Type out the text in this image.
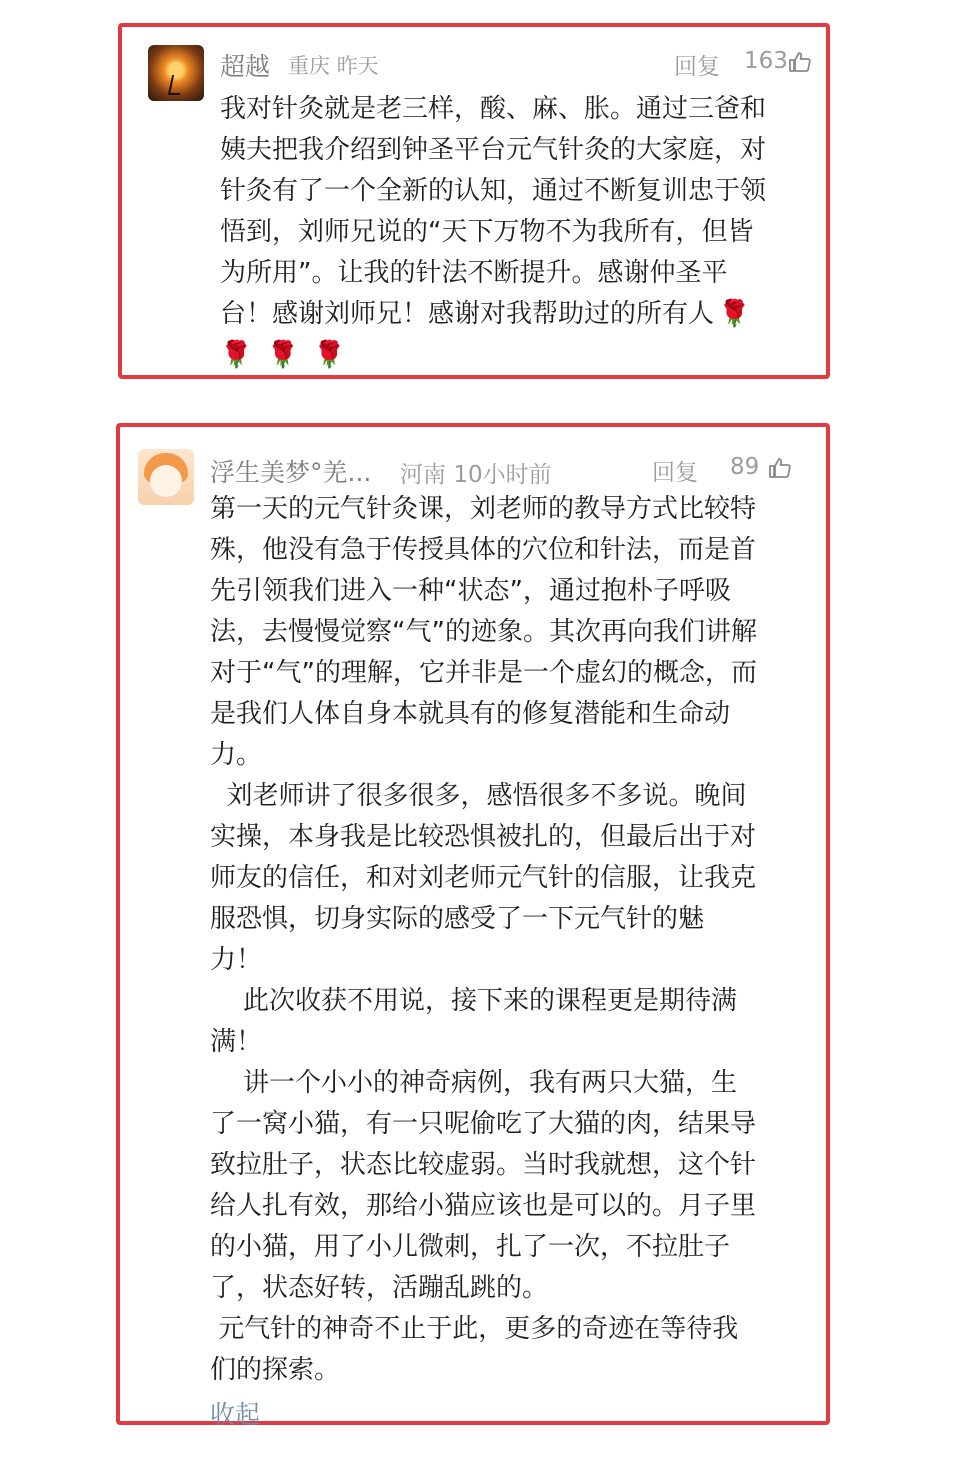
超越 重庆 昨天	回复 163
我对针灸就是老三样，酸、麻、胀。通过三爸和
姨夫把我介绍到钟圣平台元气针灸的大家庭，对
针灸有了一个全新的认知，通过不断复训忠于领
悟到，刘师兄说的“天下万物不为我所有，但皆
为所用”。让我的针法不断提升。感谢仲圣平
台！感谢刘师兄！感谢对我帮助过的所有人 🌹
🌹 🌹 🌹
浮生美梦°羌... 河南 10小时前	回复 89
第一天的元气针灸课，刘老师的教导方式比较特
殊，他没有急于传授具体的穴位和针法，而是首
先引领我们进入一种“状态”，通过抱朴子呼吸
法，去慢慢觉察“气”的迹象。其次再向我们讲解
对于“气”的理解，它并非是一个虚幻的概念，而
是我们人体自身本就具有的修复潜能和生命动
力。
刘老师讲了很多很多，感悟很多不多说。晚间
实操，本身我是比较恐惧被扎的，但最后出于对
师友的信任，和对刘老师元气针的信服，让我克
服恐惧，切身实际的感受了一下元气针的魅
力！
此次收获不用说，接下来的课程更是期待满
满！
讲一个小小的神奇病例，我有两只大猫，生
了一窝小猫，有一只呢偷吃了大猫的肉，结果导
致拉肚子，状态比较虚弱。当时我就想，这个针
给人扎有效，那给小猫应该也是可以的。月子里
的小猫，用了小儿微刺，扎了一次，不拉肚子
了，状态好转，活蹦乱跳的。
元气针的神奇不止于此，更多的奇迹在等待我
们的探索。
收起
